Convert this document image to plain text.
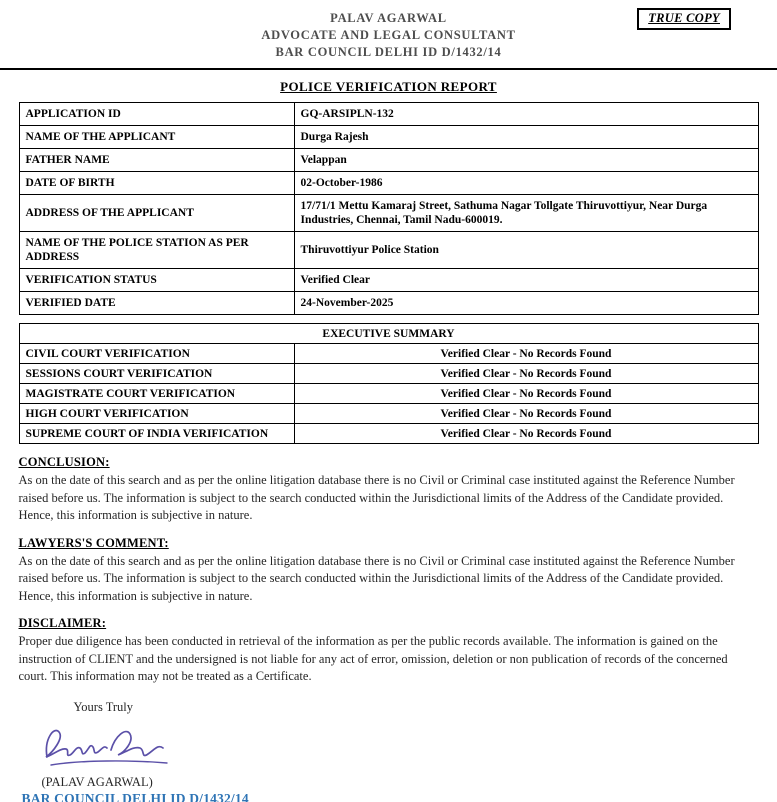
PALAV AGARWAL
ADVOCATE AND LEGAL CONSULTANT
BAR COUNCIL DELHI ID D/1432/14
TRUE COPY
POLICE VERIFICATION REPORT
APPLICATION ID	GQ-ARSIPLN-132
NAME OF THE APPLICANT	Durga Rajesh
FATHER NAME	Velappan
DATE OF BIRTH	02-October-1986
ADDRESS OF THE APPLICANT	17/71/1 Mettu Kamaraj Street, Sathuma Nagar Tollgate Thiruvottiyur, Near Durga Industries, Chennai, Tamil Nadu-600019.
NAME OF THE POLICE STATION AS PER ADDRESS	Thiruvottiyur Police Station
VERIFICATION STATUS	Verified Clear
VERIFIED DATE	24-November-2025
EXECUTIVE SUMMARY	
CIVIL COURT VERIFICATION	Verified Clear - No Records Found
SESSIONS COURT VERIFICATION	Verified Clear - No Records Found
MAGISTRATE COURT VERIFICATION	Verified Clear - No Records Found
HIGH COURT VERIFICATION	Verified Clear - No Records Found
SUPREME COURT OF INDIA VERIFICATION	Verified Clear - No Records Found
CONCLUSION:

As on the date of this search and as per the online litigation database there is no Civil or Criminal case instituted against the Reference Number raised before us. The information is subject to the search conducted within the Jurisdictional limits of the Address of the Candidate provided. Hence, this information is subjective in nature.

LAWYERS'S COMMENT:

As on the date of this search and as per the online litigation database there is no Civil or Criminal case instituted against the Reference Number raised before us. The information is subject to the search conducted within the Jurisdictional limits of the Address of the Candidate provided. Hence, this information is subjective in nature.

DISCLAIMER:

Proper due diligence has been conducted in retrieval of the information as per the public records available. The information is gained on the instruction of CLIENT and the undersigned is not liable for any act of error, omission, deletion or non publication of records of the concerned court. This information may not be treated as a Certificate.

Yours Truly
(PALAV AGARWAL)
BAR COUNCIL DELHI ID D/1432/14
